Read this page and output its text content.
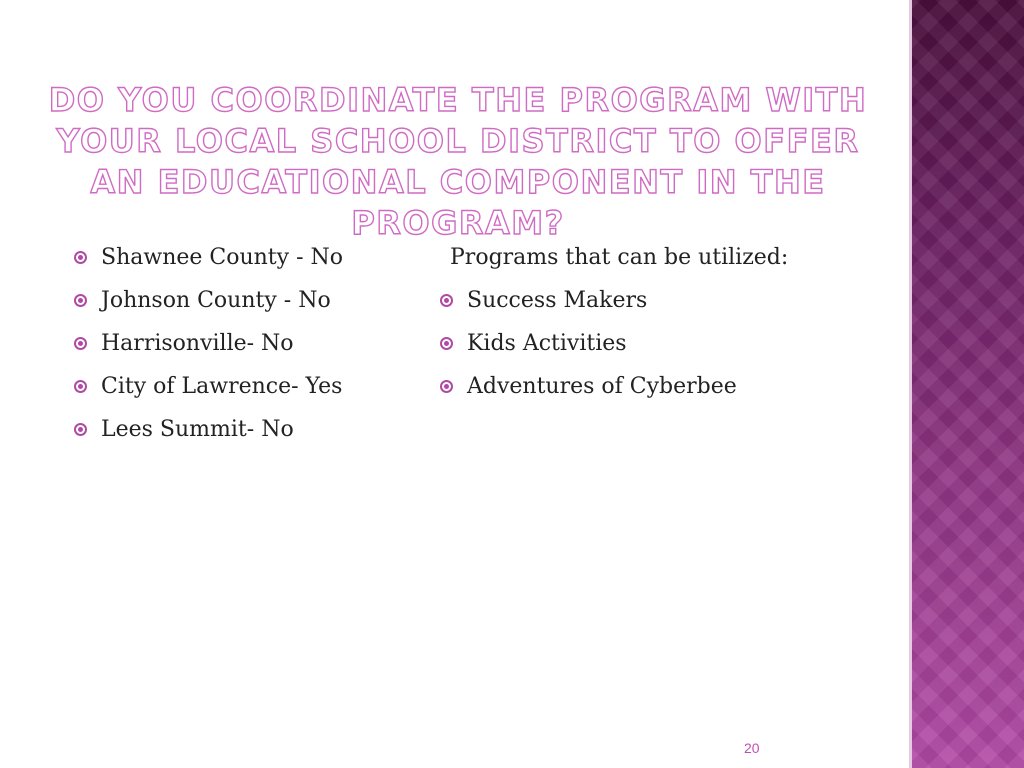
DO YOU COORDINATE THE PROGRAM WITH YOUR LOCAL SCHOOL DISTRICT TO OFFER AN EDUCATIONAL COMPONENT IN THE PROGRAM?
Shawnee County - No
Johnson County - No
Harrisonville- No
City of Lawrence- Yes
Lees Summit- No
Programs that can be utilized:
Success Makers
Kids Activities
Adventures of Cyberbee
20
